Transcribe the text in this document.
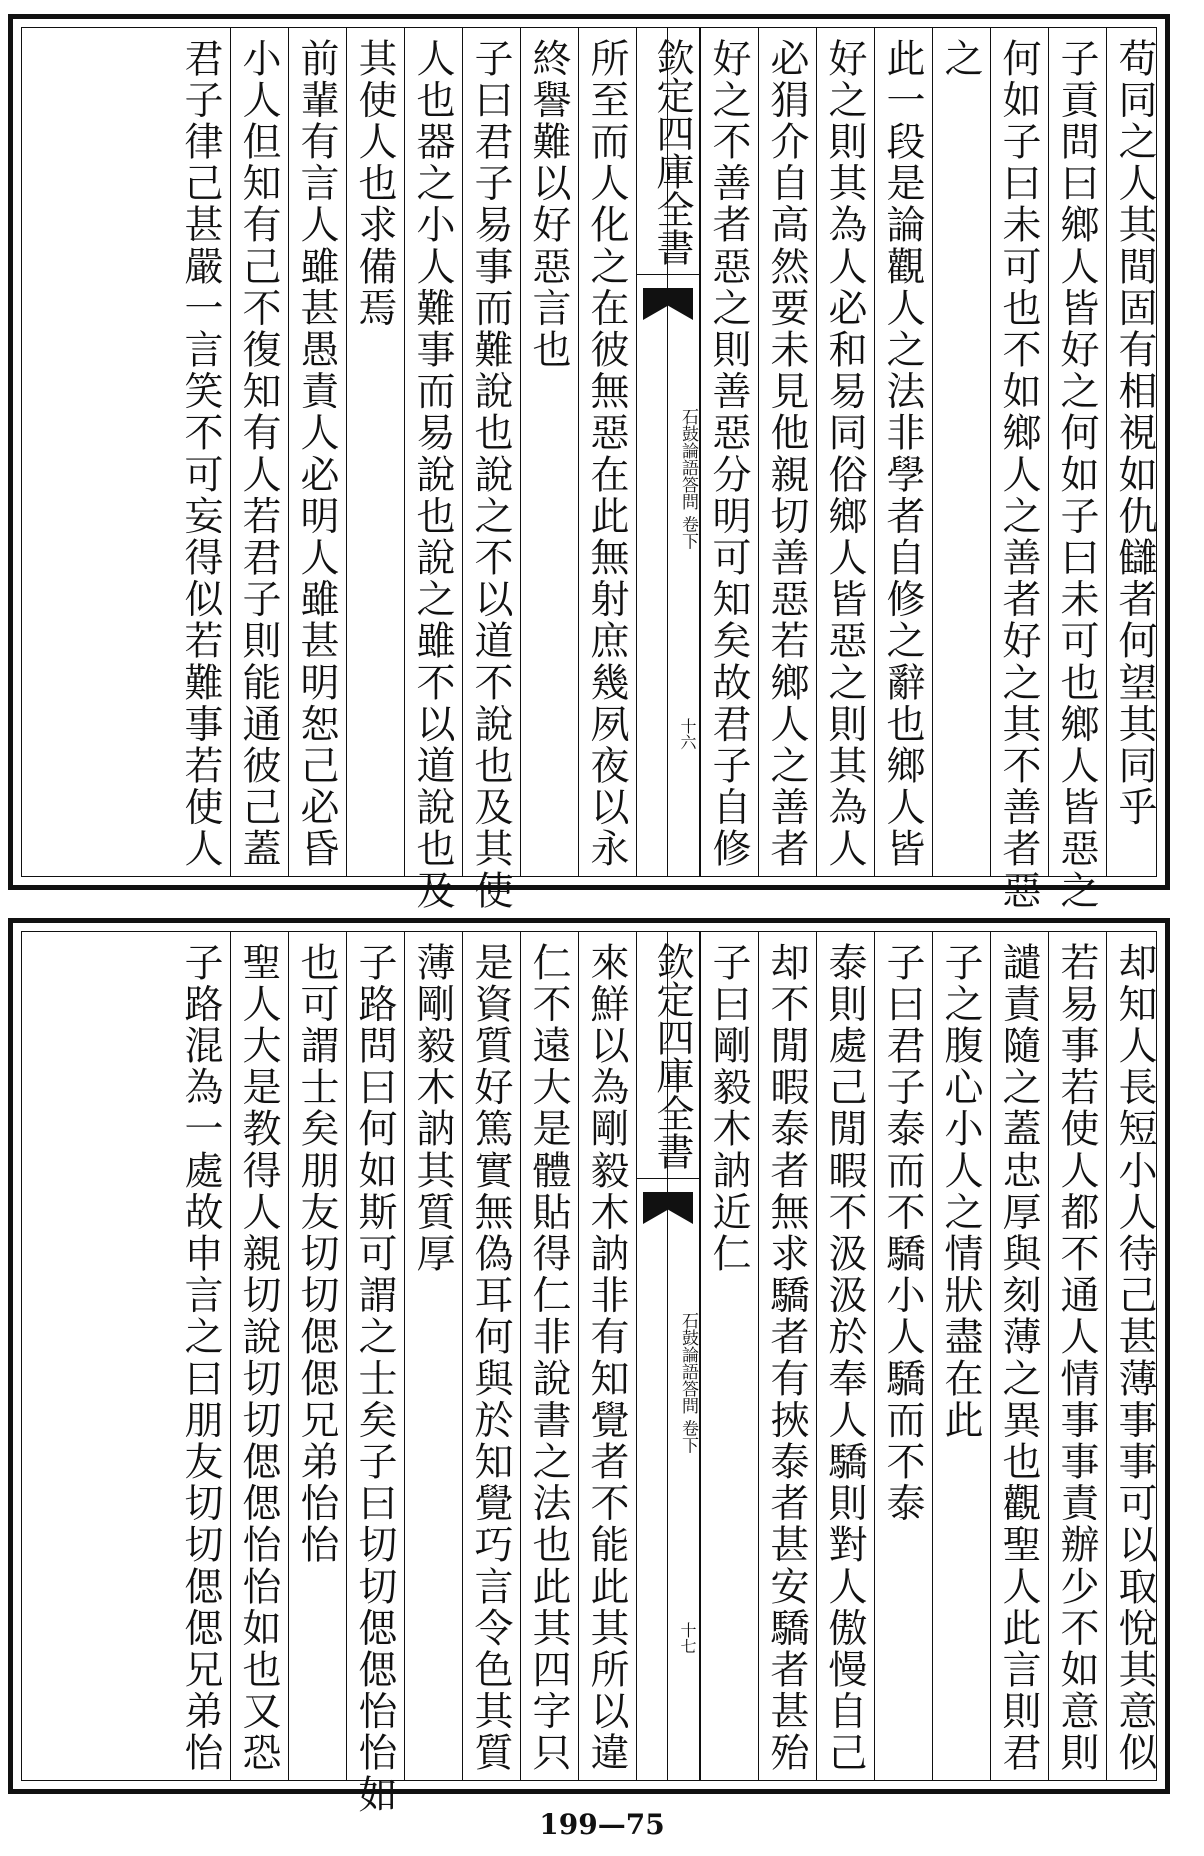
苟同之人其間固有相視如仇讎者何望其同乎
子貢問曰鄉人皆好之何如子曰未可也鄉人皆惡之
何如子曰未可也不如鄉人之善者好之其不善者惡
之
此一段是論觀人之法非學者自修之辭也鄉人皆
好之則其為人必和易同俗鄉人皆惡之則其為人
必狷介自高然要未見他親切善惡若鄉人之善者
好之不善者惡之則善惡分明可知矣故君子自修
欽定四庫全書
石鼓論語答問 卷下
十六
所至而人化之在彼無惡在此無射庶幾夙夜以永
終譽難以好惡言也
子曰君子易事而難說也說之不以道不說也及其使
人也器之小人難事而易說也說之雖不以道說也及
其使人也求備焉
前輩有言人雖甚愚責人必明人雖甚明恕己必昏
小人但知有己不復知有人若君子則能通彼己蓋
君子律己甚嚴一言笑不可妄得似若難事若使人
却知人長短小人待己甚薄事事可以取悅其意似
若易事若使人都不通人情事事責辦少不如意則
譴責隨之蓋忠厚與刻薄之異也觀聖人此言則君
子之腹心小人之情狀盡在此
子曰君子泰而不驕小人驕而不泰
泰則處己閒暇不汲汲於奉人驕則對人傲慢自己
却不閒暇泰者無求驕者有挾泰者甚安驕者甚殆
子曰剛毅木訥近仁
欽定四庫全書
石鼓論語答問 卷下
十七
來鮮以為剛毅木訥非有知覺者不能此其所以違
仁不遠大是體貼得仁非說書之法也此其四字只
是資質好篤實無偽耳何與於知覺巧言令色其質
薄剛毅木訥其質厚
子路問曰何如斯可謂之士矣子曰切切偲偲怡怡如
也可謂士矣朋友切切偲偲兄弟怡怡
聖人大是教得人親切說切切偲偲怡怡如也又恐
子路混為一處故申言之曰朋友切切偲偲兄弟怡
199—75
